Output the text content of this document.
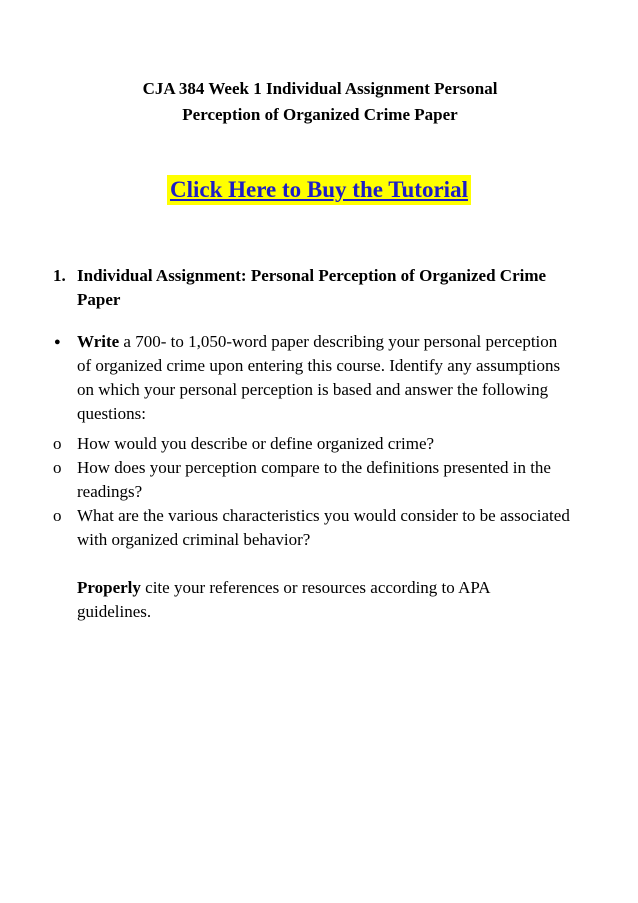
CJA 384 Week 1 Individual Assignment Personal
Perception of Organized Crime Paper
Click Here to Buy the Tutorial
1. Individual Assignment: Personal Perception of Organized Crime Paper
● Write a 700- to 1,050-word paper describing your personal perception of organized crime upon entering this course. Identify any assumptions on which your personal perception is based and answer the following questions:
o How would you describe or define organized crime?
o How does your perception compare to the definitions presented in the readings?
o What are the various characteristics you would consider to be associated with organized criminal behavior?
Properly cite your references or resources according to APA guidelines.
